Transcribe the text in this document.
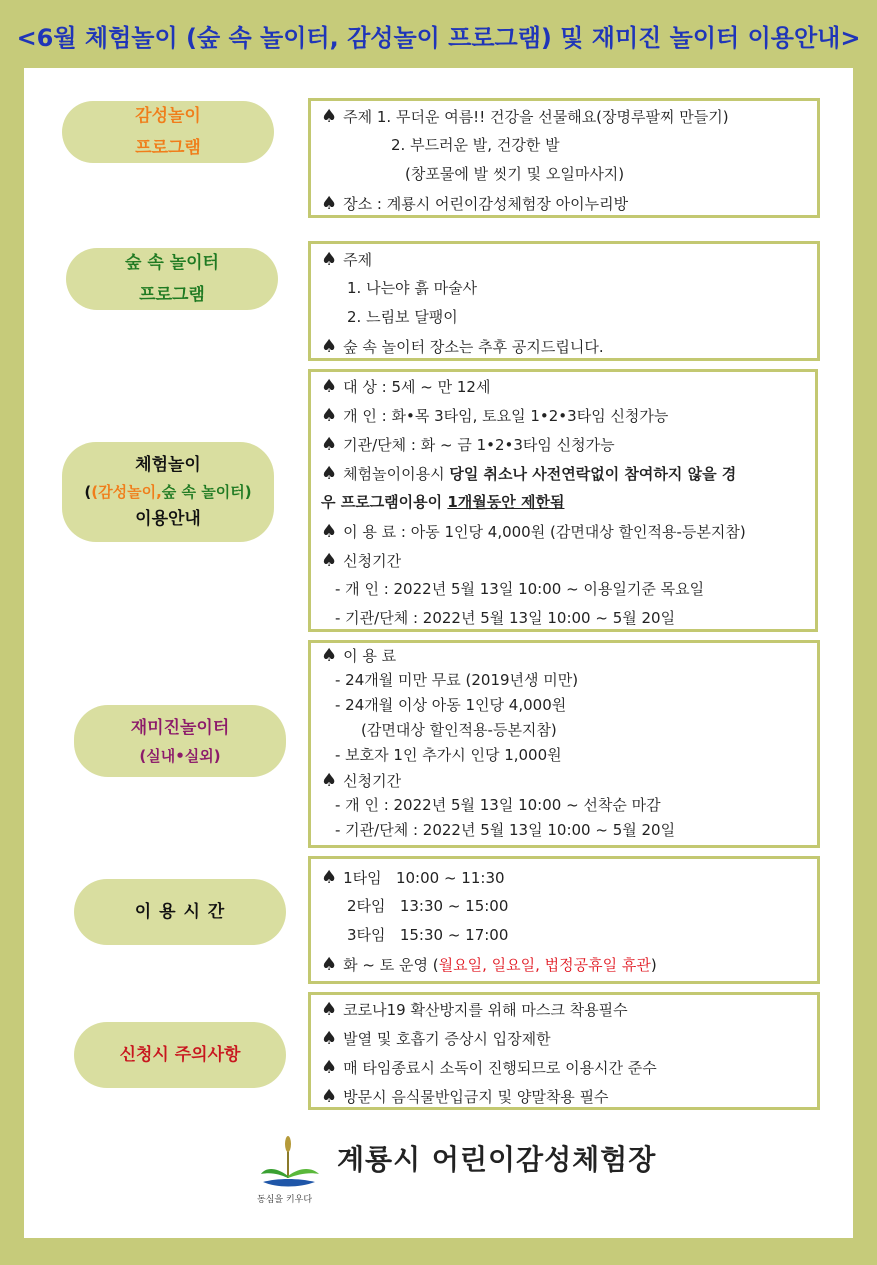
<6월 체험놀이 (숲 속 놀이터, 감성놀이 프로그램) 및 재미진 놀이터 이용안내>
감성놀이
프로그램
♠ 주제 1. 무더운 여름!! 건강을 선물해요(장명루팔찌 만들기)
2. 부드러운 발, 건강한 발
(창포물에 발 씻기 및 오일마사지)
♠ 장소 : 계룡시 어린이감성체험장 아이누리방
숲 속 놀이터
프로그램
♠ 주제
1. 나는야 흙 마술사
2. 느림보 달팽이
♠ 숲 속 놀이터 장소는 추후 공지드립니다.
체험놀이
((감성놀이,숲 속 놀이터)
이용안내
♠ 대 상 : 5세 ~ 만 12세
♠ 개 인 : 화•목 3타임, 토요일 1•2•3타임 신청가능
♠ 기관/단체 : 화 ~ 금 1•2•3타임 신청가능
♠ 체험놀이이용시 당일 취소나 사전연락없이 참여하지 않을 경
우 프로그램이용이 1개월동안 제한됨
♠ 이 용 료 : 아동 1인당 4,000원 (감면대상 할인적용-등본지참)
♠ 신청기간
- 개 인 : 2022년 5월 13일 10:00 ~ 이용일기준 목요일
- 기관/단체 : 2022년 5월 13일 10:00 ~ 5월 20일
재미진놀이터
(실내•실외)
♠ 이 용 료
- 24개월 미만 무료 (2019년생 미만)
- 24개월 이상 아동 1인당 4,000원
(감면대상 할인적용-등본지참)
- 보호자 1인 추가시 인당 1,000원
♠ 신청기간
- 개 인 : 2022년 5월 13일 10:00 ~ 선착순 마감
- 기관/단체 : 2022년 5월 13일 10:00 ~ 5월 20일
이 용 시 간
♠ 1타임   10:00 ~ 11:30
2타임   13:30 ~ 15:00
3타임   15:30 ~ 17:00
♠ 화 ~ 토 운영 (월요일, 일요일, 법정공휴일 휴관)
신청시 주의사항
♠ 코로나19 확산방지를 위해 마스크 착용필수
♠ 발열 및 호흡기 증상시 입장제한
♠ 매 타임종료시 소독이 진행되므로 이용시간 준수
♠ 방문시 음식물반입금지 및 양말착용 필수
동심을 키우다
계룡시 어린이감성체험장
